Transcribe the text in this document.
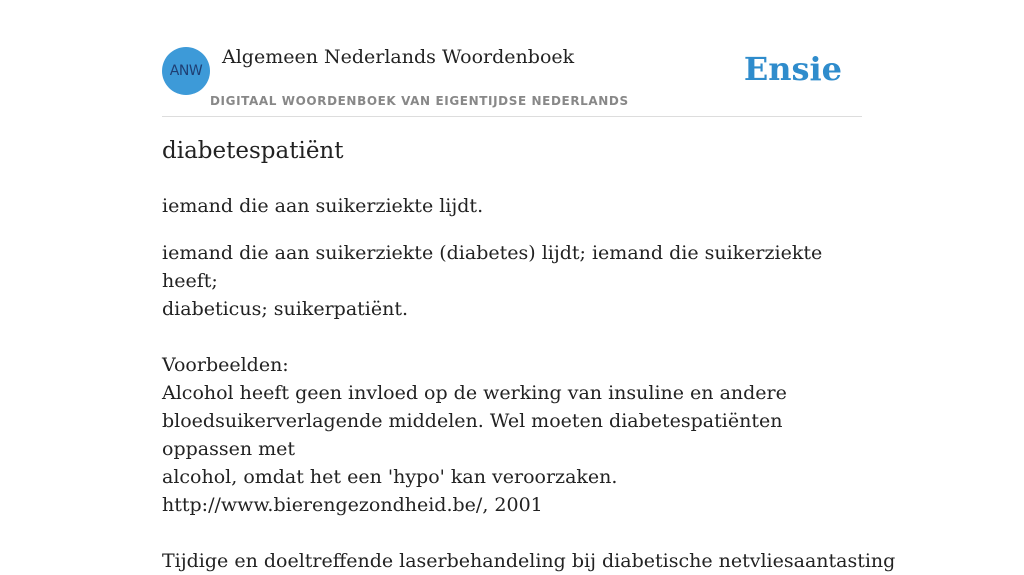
ANW
Algemeen Nederlands Woordenboek
DIGITAAL WOORDENBOEK VAN EIGENTIJDSE NEDERLANDS
Ensie
diabetespatiënt

iemand die aan suikerziekte lijdt.

iemand die aan suikerziekte (diabetes) lijdt; iemand die suikerziekte heeft;
diabeticus; suikerpatiënt.
Voorbeelden:
Alcohol heeft geen invloed op de werking van insuline en andere
bloedsuikerverlagende middelen. Wel moeten diabetespatiënten oppassen met
alcohol, omdat het een 'hypo' kan veroorzaken.
http://www.bierengezondheid.be/, 2001
Tijdige en doeltreffende laserbehandeling bij diabetische netvliesaantasting
